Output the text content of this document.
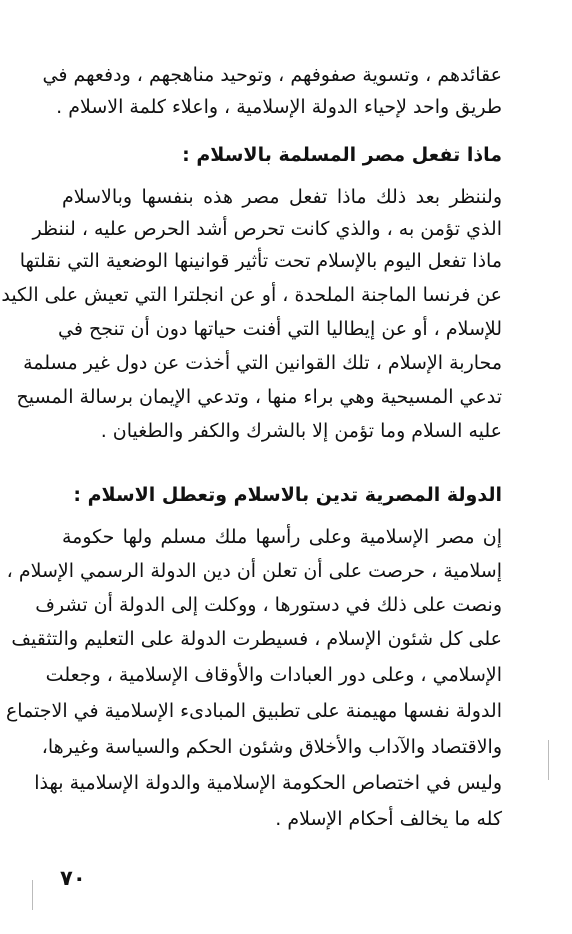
عقائدهم ، وتسوية صفوفهم ، وتوحيد مناهجهم ، ودفعهم في
طريق واحد لإحياء الدولة الإسلامية ، واعلاء كلمة الاسلام .
ماذا تفعل مصر المسلمة بالاسلام :
ولننظر بعد ذلك ماذا تفعل مصر هذه بنفسها وبالاسلام
الذي تؤمن به ، والذي كانت تحرص أشد الحرص عليه ، لننظر
ماذا تفعل اليوم بالإسلام تحت تأثير قوانينها الوضعية التي نقلتها
عن فرنسا الماجنة الملحدة ، أو عن انجلترا التي تعيش على الكيد
للإسلام ، أو عن إيطاليا التي أفنت حياتها دون أن تنجح في
محاربة الإسلام ، تلك القوانين التي أخذت عن دول غير مسلمة
تدعي المسيحية وهي براء منها ، وتدعي الإيمان برسالة المسيح
عليه السلام وما تؤمن إلا بالشرك والكفر والطغيان .
الدولة المصرية تدين بالاسلام وتعطل الاسلام :
إن مصر الإسلامية وعلى رأسها ملك مسلم ولها حكومة
إسلامية ، حرصت على أن تعلن أن دين الدولة الرسمي الإسلام ،
ونصت على ذلك في دستورها ، ووكلت إلى الدولة أن تشرف
على كل شئون الإسلام ، فسيطرت الدولة على التعليم والتثقيف
الإسلامي ، وعلى دور العبادات والأوقاف الإسلامية ، وجعلت
الدولة نفسها مهيمنة على تطبيق المبادىء الإسلامية في الاجتماع
والاقتصاد والآداب والأخلاق وشئون الحكم والسياسة وغيرها،
وليس في اختصاص الحكومة الإسلامية والدولة الإسلامية بهذا
كله ما يخالف أحكام الإسلام .
٧٠
